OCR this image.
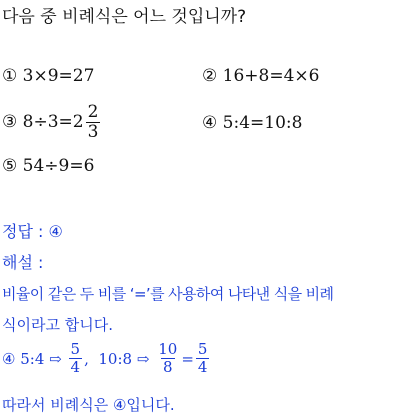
다음 중 비례식은 어느 것입니까?
① 3×9=27	② 16+8=4×6
③
$8\div 3= 2 \frac{2}{3}$	④ 5:4=10:8
⑤ 54÷9=6
정답 : ④
해설 :
비율이 같은 두 비를 ‘=’를 사용하여 나타낸 식을 비례
식이라고 합니다.
④
5:4
⇨
$\frac{5}{4}$ ,
10:8
⇨
$\frac{10}{8} = \frac{5}{4}$
따라서 비례식은 ④입니다.
